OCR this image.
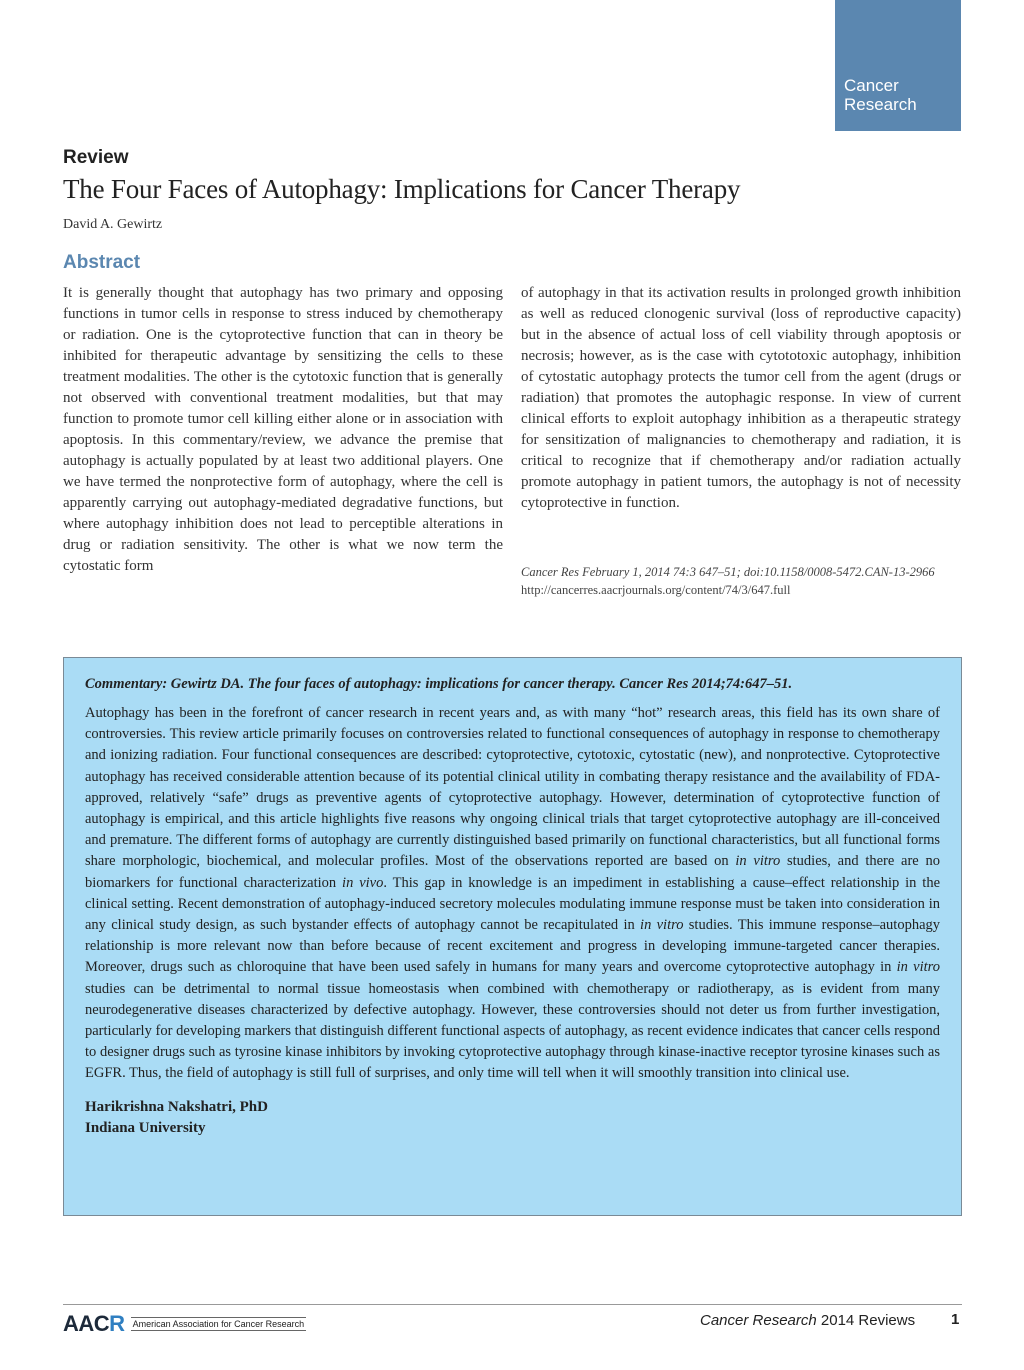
Cancer
Research
Review
The Four Faces of Autophagy: Implications for Cancer Therapy
David A. Gewirtz
Abstract

It is generally thought that autophagy has two primary and opposing functions in tumor cells in response to stress induced by chemotherapy or radiation. One is the cytoprotective function that can in theory be inhibited for therapeutic advantage by sensitizing the cells to these treatment modalities. The other is the cytotoxic function that is generally not observed with conventional treatment modalities, but that may function to promote tumor cell killing either alone or in association with apoptosis. In this commentary/review, we advance the premise that autophagy is actually populated by at least two additional players. One we have termed the nonprotective form of autophagy, where the cell is apparently carrying out autophagy-mediated degradative functions, but where autophagy inhibition does not lead to perceptible alterations in drug or radiation sensitivity. The other is what we now term the cytostatic form

of autophagy in that its activation results in prolonged growth inhibition as well as reduced clonogenic survival (loss of reproductive capacity) but in the absence of actual loss of cell viability through apoptosis or necrosis; however, as is the case with cytototoxic autophagy, inhibition of cytostatic autophagy protects the tumor cell from the agent (drugs or radiation) that promotes the autophagic response. In view of current clinical efforts to exploit autophagy inhibition as a therapeutic strategy for sensitization of malignancies to chemotherapy and radiation, it is critical to recognize that if chemotherapy and/or radiation actually promote autophagy in patient tumors, the autophagy is not of necessity cytoprotective in function.

Cancer Res February 1, 2014 74:3 647–51; doi:10.1158/0008-5472.CAN-13-2966 http://cancerres.aacrjournals.org/content/74/3/647.full

Commentary: Gewirtz DA. The four faces of autophagy: implications for cancer therapy. Cancer Res 2014;74:647–51.

Autophagy has been in the forefront of cancer research in recent years and, as with many “hot” research areas, this field has its own share of controversies. This review article primarily focuses on controversies related to functional consequences of autophagy in response to chemotherapy and ionizing radiation. Four functional consequences are described: cytoprotective, cytotoxic, cytostatic (new), and nonprotective. Cytoprotective autophagy has received considerable attention because of its potential clinical utility in combating therapy resistance and the availability of FDA-approved, relatively “safe” drugs as preventive agents of cytoprotective autophagy. However, determination of cytoprotective function of autophagy is empirical, and this article highlights five reasons why ongoing clinical trials that target cytoprotective autophagy are ill-conceived and premature. The different forms of autophagy are currently distinguished based primarily on functional characteristics, but all functional forms share morphologic, biochemical, and molecular profiles. Most of the observations reported are based on in vitro studies, and there are no biomarkers for functional characterization in vivo. This gap in knowledge is an impediment in establishing a cause–effect relationship in the clinical setting. Recent demonstration of autophagy-induced secretory molecules modulating immune response must be taken into consideration in any clinical study design, as such bystander effects of autophagy cannot be recapitulated in in vitro studies. This immune response–autophagy relationship is more relevant now than before because of recent excitement and progress in developing immune-targeted cancer therapies. Moreover, drugs such as chloroquine that have been used safely in humans for many years and overcome cytoprotective autophagy in in vitro studies can be detrimental to normal tissue homeostasis when combined with chemotherapy or radiotherapy, as is evident from many neurodegenerative diseases characterized by defective autophagy. However, these controversies should not deter us from further investigation, particularly for developing markers that distinguish different functional aspects of autophagy, as recent evidence indicates that cancer cells respond to designer drugs such as tyrosine kinase inhibitors by invoking cytoprotective autophagy through kinase-inactive receptor tyrosine kinases such as EGFR. Thus, the field of autophagy is still full of surprises, and only time will tell when it will smoothly transition into clinical use.

Harikrishna Nakshatri, PhD
Indiana University
AACR American Association for Cancer Research	Cancer Research 2014 Reviews 1
